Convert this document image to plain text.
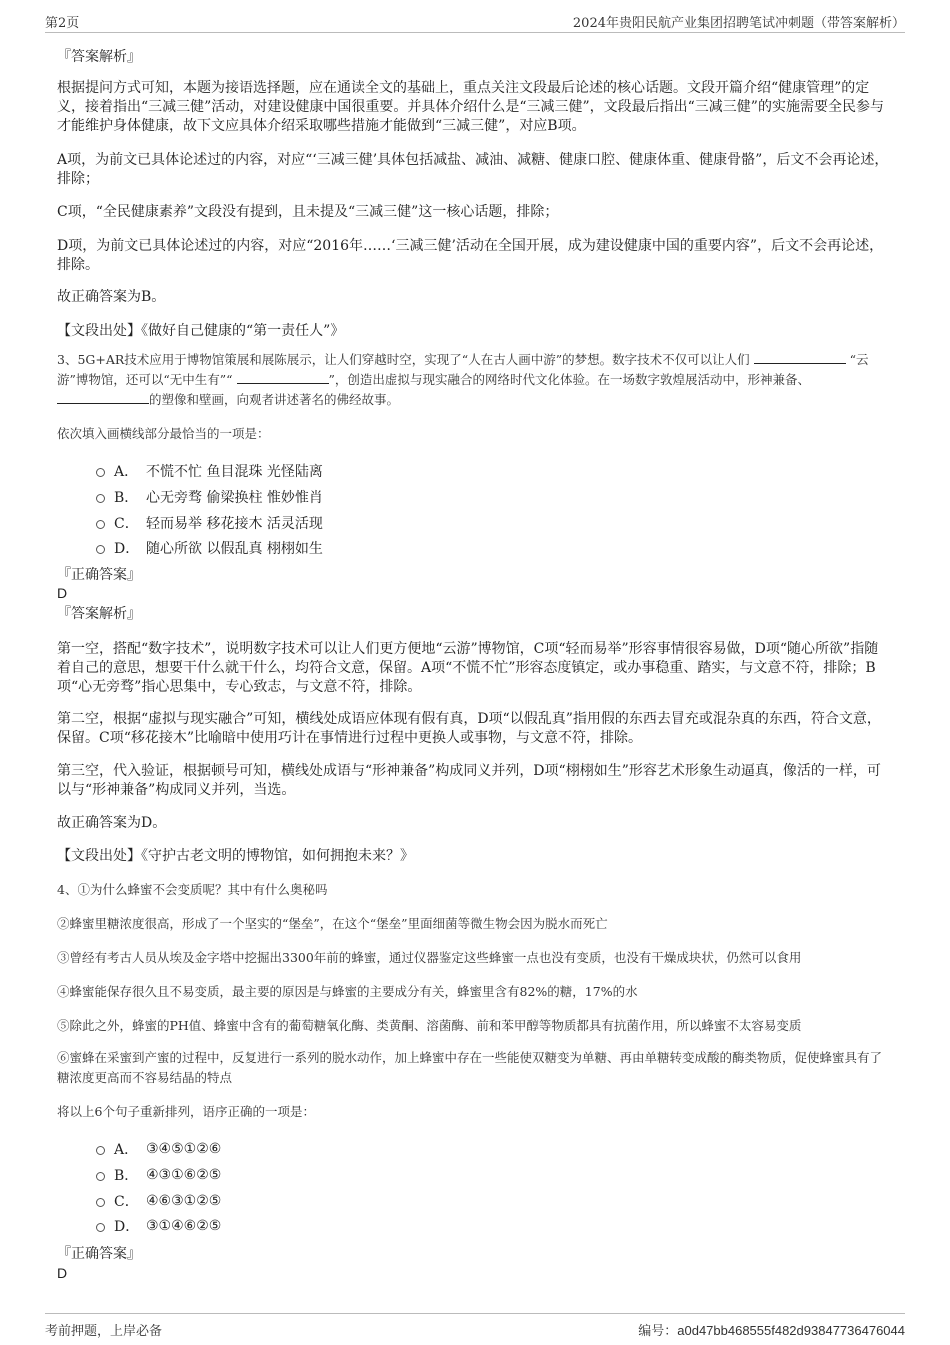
第2页	2024年贵阳民航产业集团招聘笔试冲刺题（带答案解析）
『答案解析』
根据提问方式可知，本题为接语选择题，应在通读全文的基础上，重点关注文段最后论述的核心话题。文段开篇介绍“健康管理”的定义，接着指出“三减三健”活动，对建设健康中国很重要。并具体介绍什么是“三减三健”，文段最后指出“三减三健”的实施需要全民参与才能维护身体健康，故下文应具体介绍采取哪些措施才能做到“三减三健”，对应B项。
A项，为前文已具体论述过的内容，对应“‘三减三健’具体包括减盐、减油、减糖、健康口腔、健康体重、健康骨骼”，后文不会再论述，排除；
C项，“全民健康素养”文段没有提到，且未提及“三减三健”这一核心话题，排除；
D项，为前文已具体论述过的内容，对应“2016年……‘三减三健’活动在全国开展，成为建设健康中国的重要内容”，后文不会再论述，排除。
故正确答案为B。
【文段出处】《做好自己健康的“第一责任人”》
3、5G+AR技术应用于博物馆策展和展陈展示，让人们穿越时空，实现了“人在古人画中游”的梦想。数字技术不仅可以让人们	“云游”博物馆，还可以“无中生有”“	”，创造出虚拟与现实融合的网络时代文化体验。在一场数字敦煌展活动中，形神兼备、 的塑像和壁画，向观者讲述著名的佛经故事。
依次填入画横线部分最恰当的一项是：
A． 不慌不忙 鱼目混珠 光怪陆离
B． 心无旁骛 偷梁换柱 惟妙惟肖
C． 轻而易举 移花接木 活灵活现
D． 随心所欲 以假乱真 栩栩如生
『正确答案』
D
『答案解析』
第一空，搭配“数字技术”，说明数字技术可以让人们更方便地“云游”博物馆，C项“轻而易举”形容事情很容易做，D项“随心所欲”指随着自己的意思，想要干什么就干什么，均符合文意，保留。A项“不慌不忙”形容态度镇定，或办事稳重、踏实，与文意不符，排除；B项“心无旁骛”指心思集中，专心致志，与文意不符，排除。
第二空，根据“虚拟与现实融合”可知，横线处成语应体现有假有真，D项“以假乱真”指用假的东西去冒充或混杂真的东西，符合文意，保留。C项“移花接木”比喻暗中使用巧计在事情进行过程中更换人或事物，与文意不符，排除。
第三空，代入验证，根据顿号可知，横线处成语与“形神兼备”构成同义并列，D项“栩栩如生”形容艺术形象生动逼真，像活的一样，可以与“形神兼备”构成同义并列，当选。
故正确答案为D。
【文段出处】《守护古老文明的博物馆，如何拥抱未来？》
4、①为什么蜂蜜不会变质呢？其中有什么奥秘吗
②蜂蜜里糖浓度很高，形成了一个坚实的“堡垒”，在这个“堡垒”里面细菌等微生物会因为脱水而死亡
③曾经有考古人员从埃及金字塔中挖掘出3300年前的蜂蜜，通过仪器鉴定这些蜂蜜一点也没有变质，也没有干燥成块状，仍然可以食用
④蜂蜜能保存很久且不易变质，最主要的原因是与蜂蜜的主要成分有关，蜂蜜里含有82%的糖，17%的水
⑤除此之外，蜂蜜的PH值、蜂蜜中含有的葡萄糖氧化酶、类黄酮、溶菌酶、前和苯甲醇等物质都具有抗菌作用，所以蜂蜜不太容易变质
⑥蜜蜂在采蜜到产蜜的过程中，反复进行一系列的脱水动作，加上蜂蜜中存在一些能使双糖变为单糖、再由单糖转变成酸的酶类物质，促使蜂蜜具有了糖浓度更高而不容易结晶的特点
将以上6个句子重新排列，语序正确的一项是：
A． ③④⑤①②⑥
B． ④③①⑥②⑤
C． ④⑥③①②⑤
D． ③①④⑥②⑤
『正确答案』
D
考前押题，上岸必备	编号：a0d47bb468555f482d93847736476044
